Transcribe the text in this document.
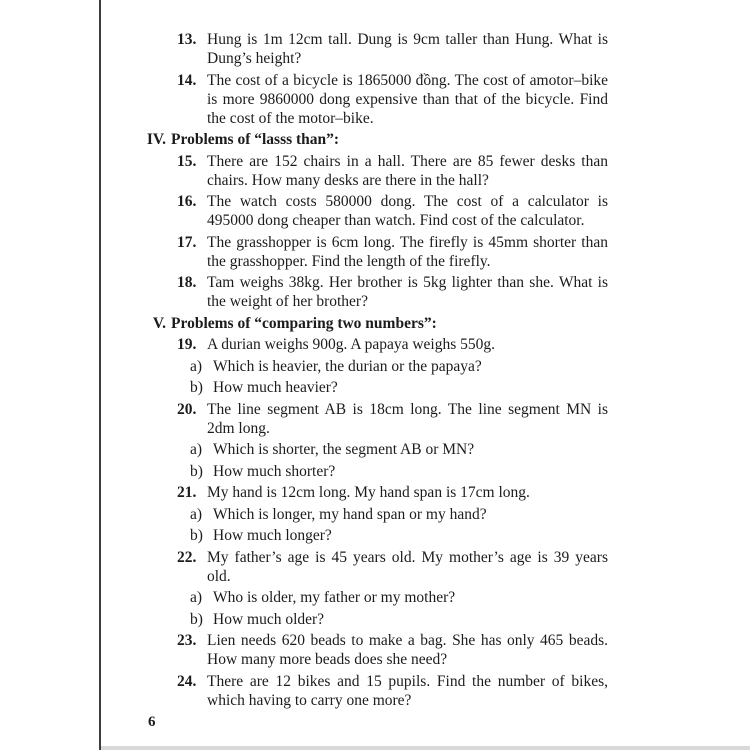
13. Hung is 1m 12cm tall. Dung is 9cm taller than Hung. What is Dung’s height?
14. The cost of a bicycle is 1865000 đồng. The cost of amotor–bike is more 9860000 dong expensive than that of the bicycle. Find the cost of the motor–bike.
IV. Problems of “lasss than”:
15. There are 152 chairs in a hall. There are 85 fewer desks than chairs. How many desks are there in the hall?
16. The watch costs 580000 dong. The cost of a calculator is 495000 dong cheaper than watch. Find cost of the calculator.
17. The grasshopper is 6cm long. The firefly is 45mm shorter than the grasshopper. Find the length of the firefly.
18. Tam weighs 38kg. Her brother is 5kg lighter than she. What is the weight of her brother?
V. Problems of “comparing two numbers”:
19. A durian weighs 900g. A papaya weighs 550g.
a) Which is heavier, the durian or the papaya?
b) How much heavier?
20. The line segment AB is 18cm long. The line segment MN is 2dm long.
a) Which is shorter, the segment AB or MN?
b) How much shorter?
21. My hand is 12cm long. My hand span is 17cm long.
a) Which is longer, my hand span or my hand?
b) How much longer?
22. My father’s age is 45 years old. My mother’s age is 39 years old.
a) Who is older, my father or my mother?
b) How much older?
23. Lien needs 620 beads to make a bag. She has only 465 beads. How many more beads does she need?
24. There are 12 bikes and 15 pupils. Find the number of bikes, which having to carry one more?
6
